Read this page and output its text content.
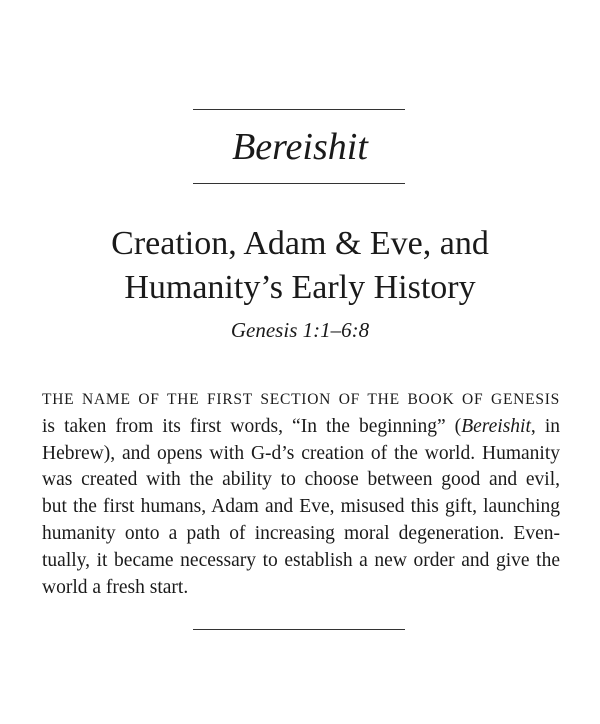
Bereishit
Creation, Adam & Eve, and
Humanity’s Early History

Genesis 1:1–6:8

THE NAME OF THE FIRST SECTION OF THE BOOK OF GENESIS
is taken from its first words, “In the beginning” (Bereishit, in
Hebrew), and opens with G-d’s creation of the world. Humanity
was created with the ability to choose between good and evil,
but the first humans, Adam and Eve, misused this gift, launching
humanity onto a path of increasing moral degeneration. Even-
tually, it became necessary to establish a new order and give the
world a fresh start.
